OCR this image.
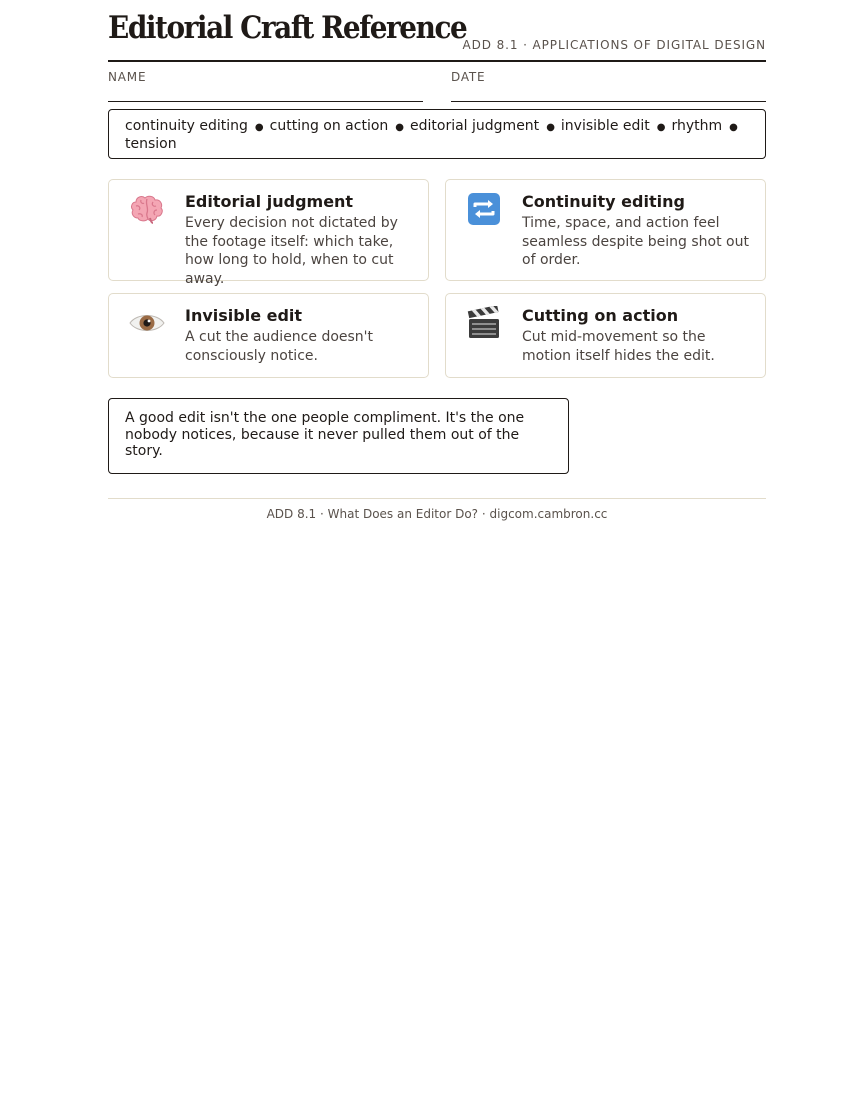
Editorial Craft Reference
ADD 8.1 · APPLICATIONS OF DIGITAL DESIGN
NAME	DATE
continuity editing ● cutting on action ● editorial judgment ● invisible edit ● rhythm ●
tension
Editorial judgment
Every decision not dictated by the footage itself: which take, how long to hold, when to cut away.
Continuity editing
Time, space, and action feel seamless despite being shot out of order.
Invisible edit
A cut the audience doesn't consciously notice.
Cutting on action
Cut mid-movement so the motion itself hides the edit.
A good edit isn't the one people compliment. It's the one nobody notices, because it never pulled them out of the story.
ADD 8.1 · What Does an Editor Do? · digcom.cambron.cc
